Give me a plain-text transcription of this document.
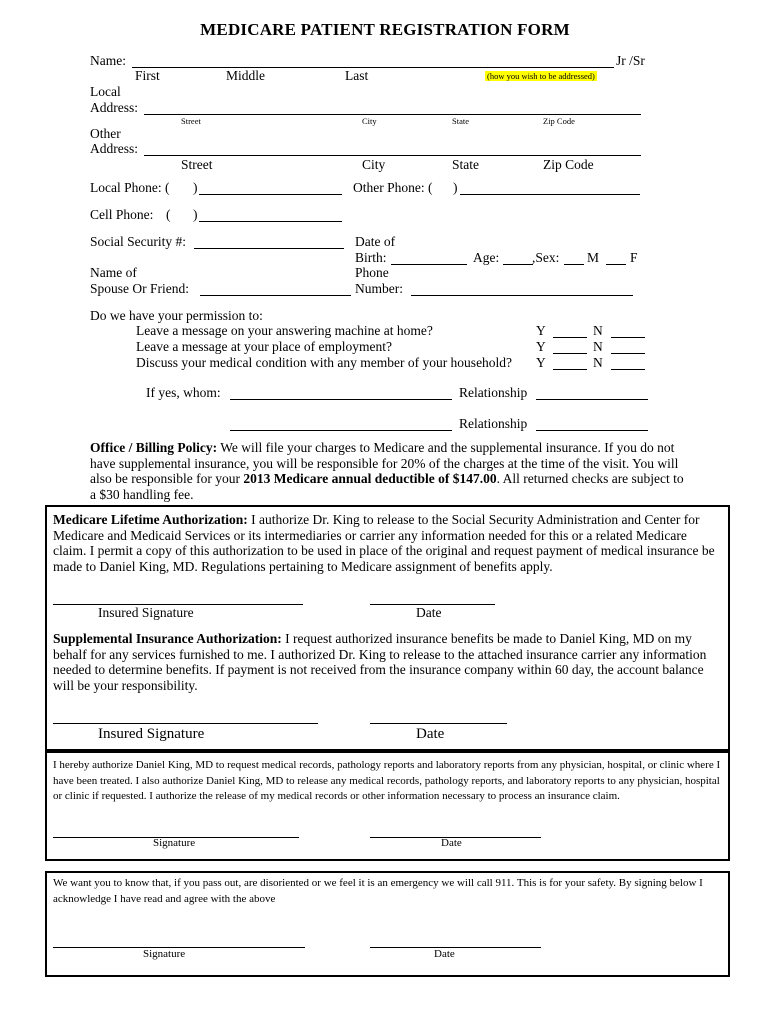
MEDICARE PATIENT REGISTRATION FORM
Name:	Jr /Sr
First	Middle	Last	(how you wish to be addressed)
Local
Address:
Street	City	State	Zip Code
Other
Address:
Street	City	State	Zip Code
Local Phone: ( )	Other Phone: ( )
Cell Phone: ( )
Social Security #:	Date of
Birth:	Age: ,Sex: M F
Name of
Spouse Or Friend:
Phone
Number:
Do we have your permission to:
Leave a message on your answering machine at home?	Y	N
Leave a message at your place of employment?	Y	N
Discuss your medical condition with any member of your household? Y	N
If yes, whom:	Relationship
Relationship
Office / Billing Policy: We will file your charges to Medicare and the supplemental insurance. If you do not have supplemental insurance, you will be responsible for 20% of the charges at the time of the visit. You will also be responsible for your 2013 Medicare annual deductible of $147.00. All returned checks are subject to a $30 handling fee.
Medicare Lifetime Authorization: I authorize Dr. King to release to the Social Security Administration and Center for Medicare and Medicaid Services or its intermediaries or carrier any information needed for this or a related Medicare claim. I permit a copy of this authorization to be used in place of the original and request payment of medical insurance be made to Daniel King, MD. Regulations pertaining to Medicare assignment of benefits apply.
Insured Signature	Date
Supplemental Insurance Authorization: I request authorized insurance benefits be made to Daniel King, MD on my behalf for any services furnished to me. I authorized Dr. King to release to the attached insurance carrier any information needed to determine benefits. If payment is not received from the insurance company within 60 day, the account balance will be your responsibility.
Insured Signature	Date
I hereby authorize Daniel King, MD to request medical records, pathology reports and laboratory reports from any physician, hospital, or clinic where I have been treated. I also authorize Daniel King, MD to release any medical records, pathology reports, and laboratory reports to any physician, hospital or clinic if requested. I authorize the release of my medical records or other information necessary to process an insurance claim.
Signature	Date
We want you to know that, if you pass out, are disoriented or we feel it is an emergency we will call 911. This is for your safety. By signing below I acknowledge I have read and agree with the above
Signature	Date
